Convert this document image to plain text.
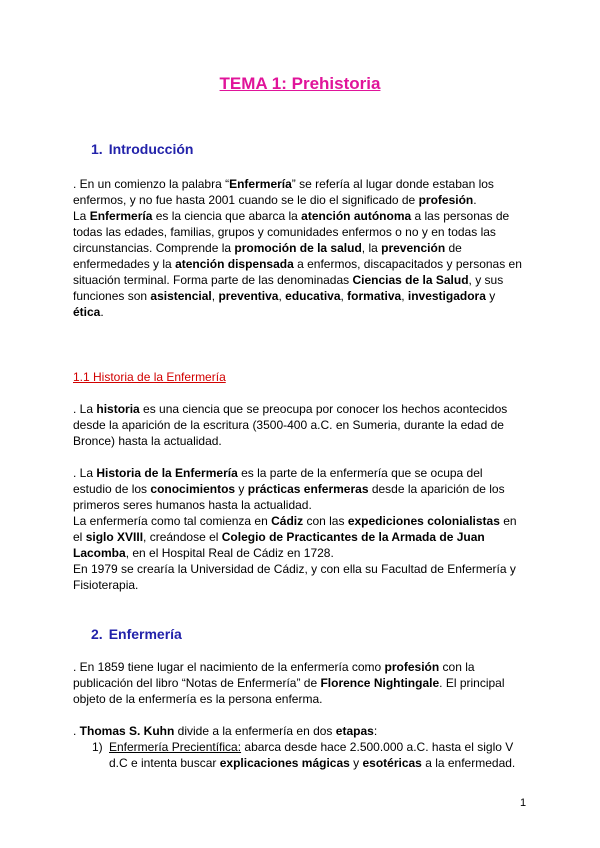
TEMA 1: Prehistoria
1. Introducción
. En un comienzo la palabra “Enfermería” se refería al lugar donde estaban los enfermos, y no fue hasta 2001 cuando se le dio el significado de profesión.
La Enfermería es la ciencia que abarca la atención autónoma a las personas de todas las edades, familias, grupos y comunidades enfermos o no y en todas las circunstancias. Comprende la promoción de la salud, la prevención de enfermedades y la atención dispensada a enfermos, discapacitados y personas en situación terminal. Forma parte de las denominadas Ciencias de la Salud, y sus funciones son asistencial, preventiva, educativa, formativa, investigadora y ética.
1.1 Historia de la Enfermería
. La historia es una ciencia que se preocupa por conocer los hechos acontecidos desde la aparición de la escritura (3500-400 a.C. en Sumeria, durante la edad de Bronce) hasta la actualidad.
. La Historia de la Enfermería es la parte de la enfermería que se ocupa del estudio de los conocimientos y prácticas enfermeras desde la aparición de los primeros seres humanos hasta la actualidad.
La enfermería como tal comienza en Cádiz con las expediciones colonialistas en el siglo XVIII, creándose el Colegio de Practicantes de la Armada de Juan Lacomba, en el Hospital Real de Cádiz en 1728.
En 1979 se crearía la Universidad de Cádiz, y con ella su Facultad de Enfermería y Fisioterapia.
2. Enfermería
. En 1859 tiene lugar el nacimiento de la enfermería como profesión con la publicación del libro “Notas de Enfermería” de Florence Nightingale. El principal objeto de la enfermería es la persona enferma.
. Thomas S. Kuhn divide a la enfermería en dos etapas:
1) Enfermería Precientífica: abarca desde hace 2.500.000 a.C. hasta el siglo V d.C e intenta buscar explicaciones mágicas y esotéricas a la enfermedad.
1
